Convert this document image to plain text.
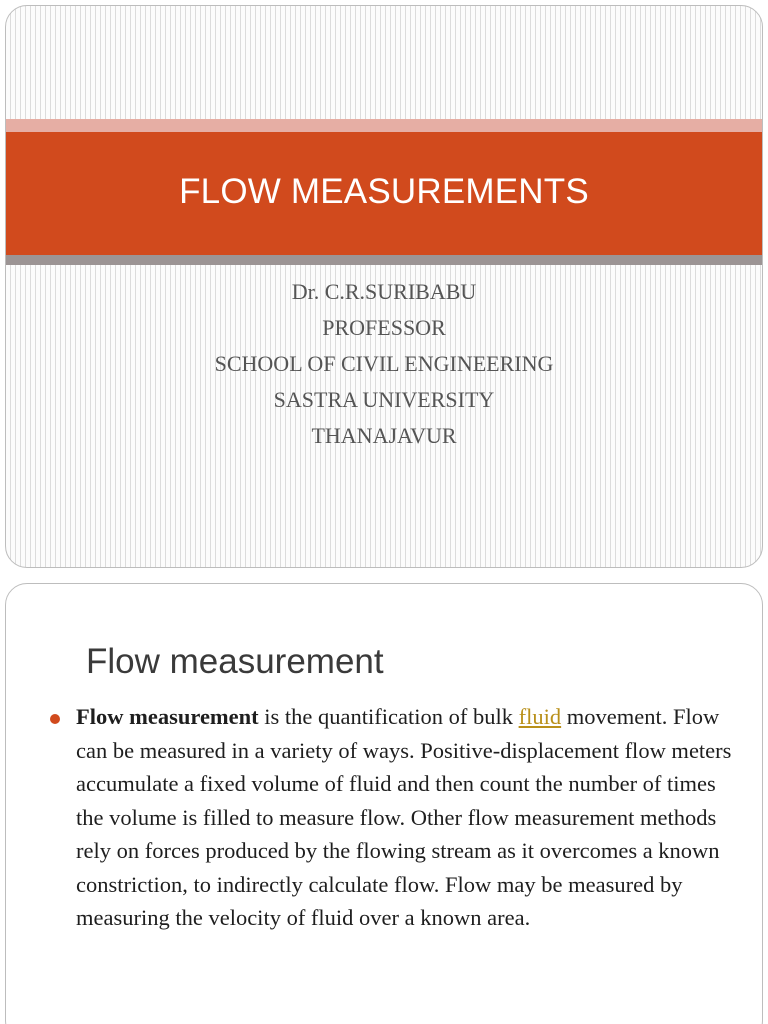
FLOW MEASUREMENTS
Dr. C.R.SURIBABU
PROFESSOR
SCHOOL OF CIVIL ENGINEERING
SASTRA UNIVERSITY
THANAJAVUR
Flow measurement
Flow measurement is the quantification of bulk fluid movement. Flow can be measured in a variety of ways. Positive-displacement flow meters accumulate a fixed volume of fluid and then count the number of times the volume is filled to measure flow. Other flow measurement methods rely on forces produced by the flowing stream as it overcomes a known constriction, to indirectly calculate flow. Flow may be measured by measuring the velocity of fluid over a known area.
